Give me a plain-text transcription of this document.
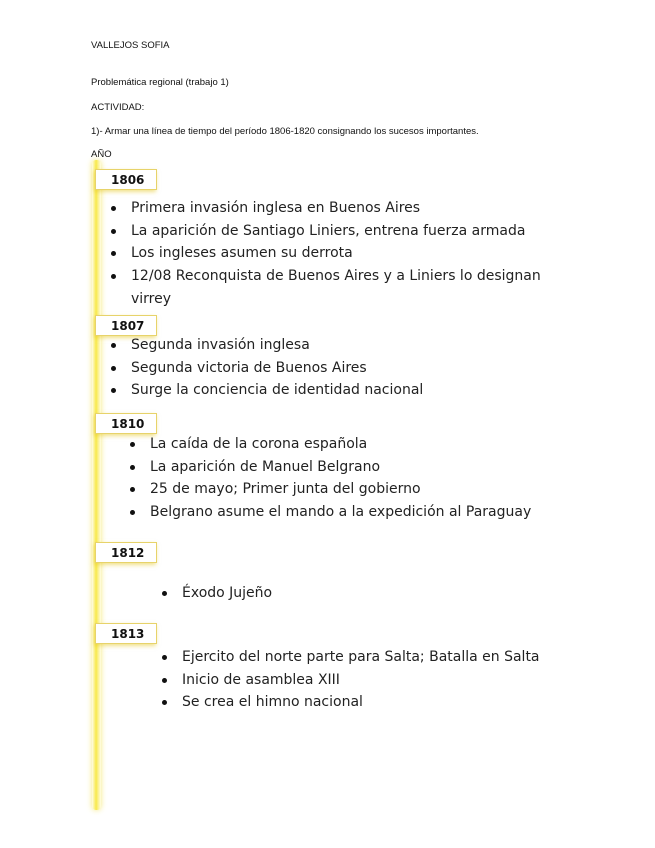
VALLEJOS SOFIA
Problemática regional (trabajo 1)
ACTIVIDAD:
1)- Armar una línea de tiempo del período 1806-1820 consignando los sucesos importantes.
AÑO
1806
Primera invasión inglesa en Buenos Aires
La aparición de Santiago Liniers, entrena fuerza armada
Los ingleses asumen su derrota
12/08 Reconquista de Buenos Aires y a Liniers lo designan virrey
1807
Segunda invasión inglesa
Segunda victoria de Buenos Aires
Surge la conciencia de identidad nacional
1810
La caída de la corona española
La aparición de Manuel Belgrano
25 de mayo; Primer junta del gobierno
Belgrano asume el mando a la expedición al Paraguay
1812
Éxodo Jujeño
1813
Ejercito del norte parte para Salta; Batalla en Salta
Inicio de asamblea XIII
Se crea el himno nacional
